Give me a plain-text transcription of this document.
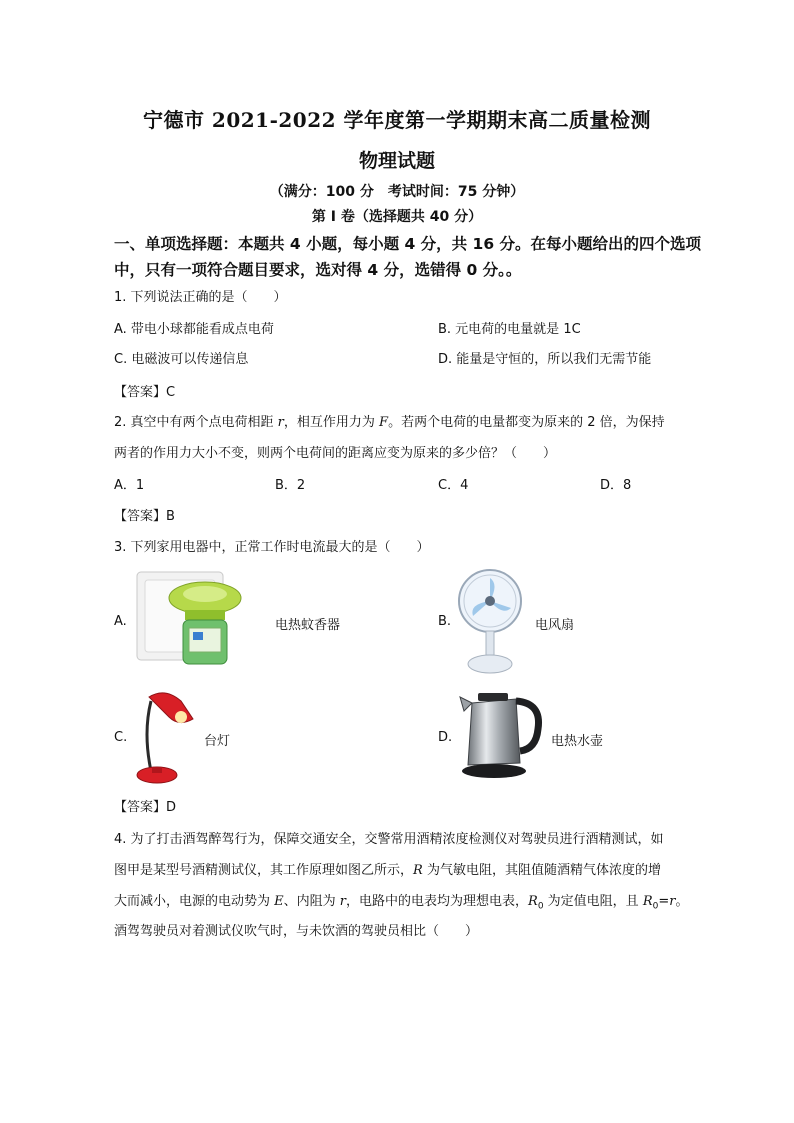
宁德市 2021-2022 学年度第一学期期末高二质量检测
物理试题
（满分：100 分　考试时间：75 分钟）
第 I 卷（选择题共 40 分）
一、单项选择题：本题共 4 小题，每小题 4 分，共 16 分。在每小题给出的四个选项中，只有一项符合题目要求，选对得 4 分，选错得 0 分。。
1. 下列说法正确的是（　　）
A. 带电小球都能看成点电荷	B. 元电荷的电量就是 1C
C. 电磁波可以传递信息	D. 能量是守恒的，所以我们无需节能
【答案】C
2. 真空中有两个点电荷相距 r，相互作用力为 F。若两个电荷的电量都变为原来的 2 倍，为保持
两者的作用力大小不变，则两个电荷间的距离应变为原来的多少倍？（　　）
A．1	B．2	C．4	D．8
【答案】B
3. 下列家用电器中，正常工作时电流最大的是（　　）
A.	电热蚊香器	B.	电风扇
C.	台灯	D.	电热水壶
【答案】D
4. 为了打击酒驾醉驾行为，保障交通安全，交警常用酒精浓度检测仪对驾驶员进行酒精测试，如
图甲是某型号酒精测试仪，其工作原理如图乙所示，R 为气敏电阻，其阻值随酒精气体浓度的增
大而减小，电源的电动势为 E、内阻为 r，电路中的电表均为理想电表，$R_0$ 为定值电阻，且 $R_0=r$。
酒驾驾驶员对着测试仪吹气时，与未饮酒的驾驶员相比（　　）
